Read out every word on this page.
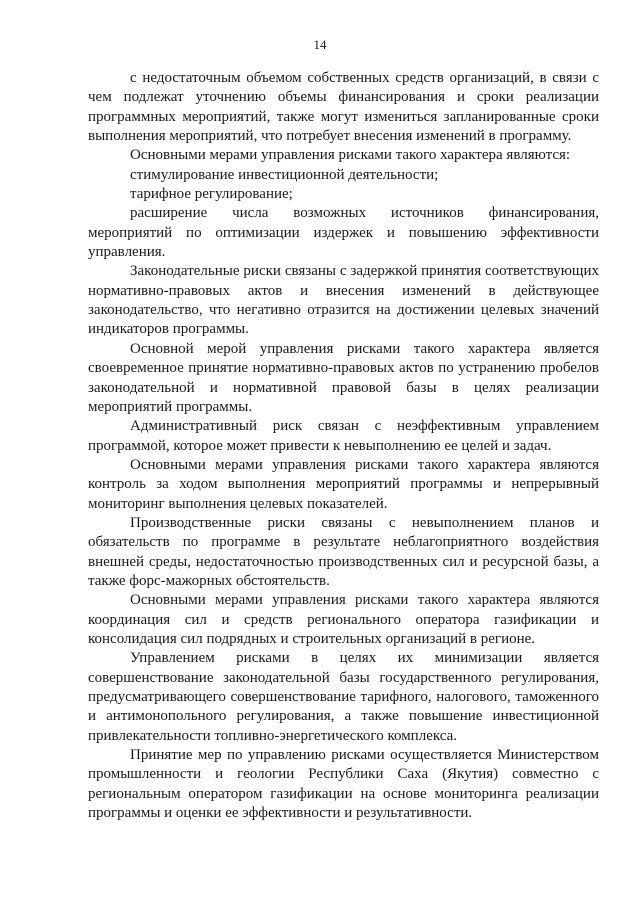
14

с недостаточным объемом собственных средств организаций, в связи с чем подлежат уточнению объемы финансирования и сроки реализации программных мероприятий, также могут измениться запланированные сроки выполнения мероприятий, что потребует внесения изменений в программу.

Основными мерами управления рисками такого характера являются:

стимулирование инвестиционной деятельности;

тарифное регулирование;

расширение числа возможных источников финансирования, мероприятий по оптимизации издержек и повышению эффективности управления.

Законодательные риски связаны с задержкой принятия соответствующих нормативно-правовых актов и внесения изменений в действующее законодательство, что негативно отразится на достижении целевых значений индикаторов программы.

Основной мерой управления рисками такого характера является своевременное принятие нормативно-правовых актов по устранению пробелов законодательной и нормативной правовой базы в целях реализации мероприятий программы.

Административный риск связан с неэффективным управлением программой, которое может привести к невыполнению ее целей и задач.

Основными мерами управления рисками такого характера являются контроль за ходом выполнения мероприятий программы и непрерывный мониторинг выполнения целевых показателей.

Производственные риски связаны с невыполнением планов и обязательств по программе в результате неблагоприятного воздействия внешней среды, недостаточностью производственных сил и ресурсной базы, а также форс-мажорных обстоятельств.

Основными мерами управления рисками такого характера являются координация сил и средств регионального оператора газификации и консолидация сил подрядных и строительных организаций в регионе.

Управлением рисками в целях их минимизации является совершенствование законодательной базы государственного регулирования, предусматривающего совершенствование тарифного, налогового, таможенного и антимонопольного регулирования, а также повышение инвестиционной привлекательности топливно-энергетического комплекса.

Принятие мер по управлению рисками осуществляется Министерством промышленности и геологии Республики Саха (Якутия) совместно с региональным оператором газификации на основе мониторинга реализации программы и оценки ее эффективности и результативности.
